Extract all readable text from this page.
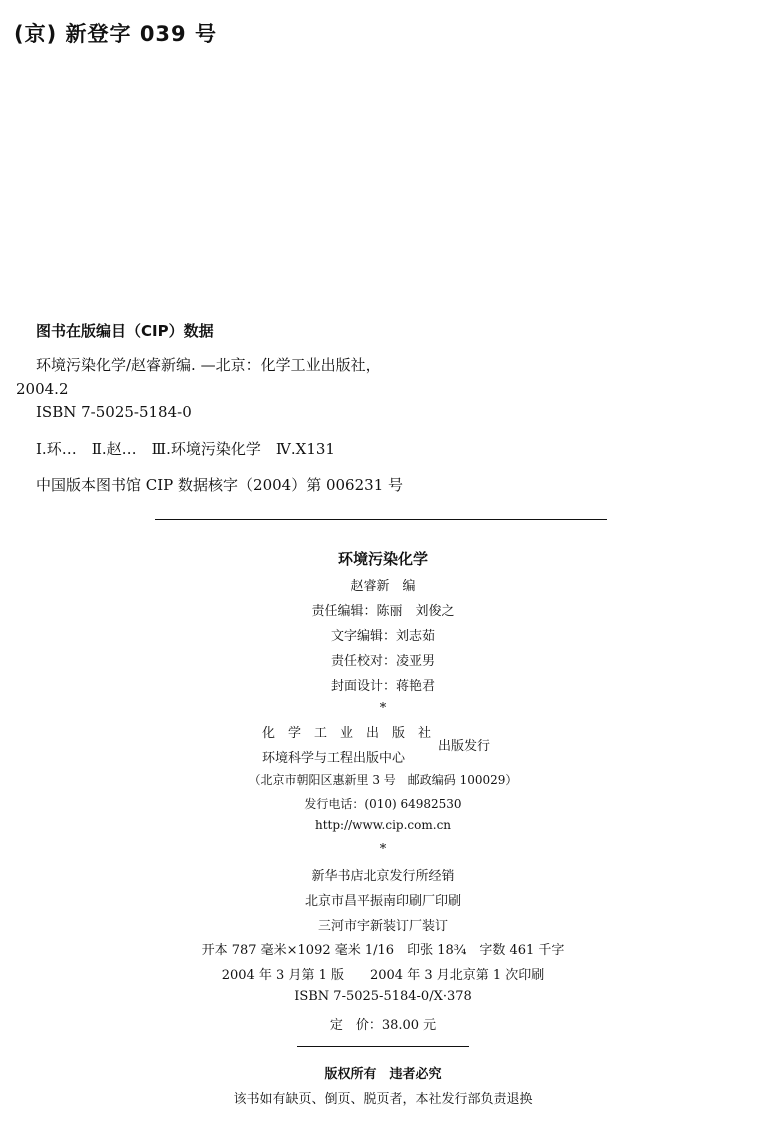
(京) 新登字 039 号
图书在版编目（CIP）数据
环境污染化学/赵睿新编. —北京：化学工业出版社，
2004.2
ISBN 7-5025-5184-0
Ⅰ.环…　Ⅱ.赵…　Ⅲ.环境污染化学　Ⅳ.X131
中国版本图书馆 CIP 数据核字（2004）第 006231 号
环境污染化学
赵睿新　编
责任编辑：陈丽　刘俊之
文字编辑：刘志茹
责任校对：凌亚男
封面设计：蒋艳君
*
化学工业出版社
环境科学与工程出版中心
出版发行
（北京市朝阳区惠新里 3 号　邮政编码 100029）
发行电话：(010) 64982530
http://www.cip.com.cn
*
新华书店北京发行所经销
北京市昌平振南印刷厂印刷
三河市宇新装订厂装订
开本 787 毫米×1092 毫米 1/16　印张 18¾　字数 461 千字
2004 年 3 月第 1 版　　2004 年 3 月北京第 1 次印刷
ISBN 7-5025-5184-0/X·378
定　价：38.00 元
版权所有　违者必究
该书如有缺页、倒页、脱页者，本社发行部负责退换
